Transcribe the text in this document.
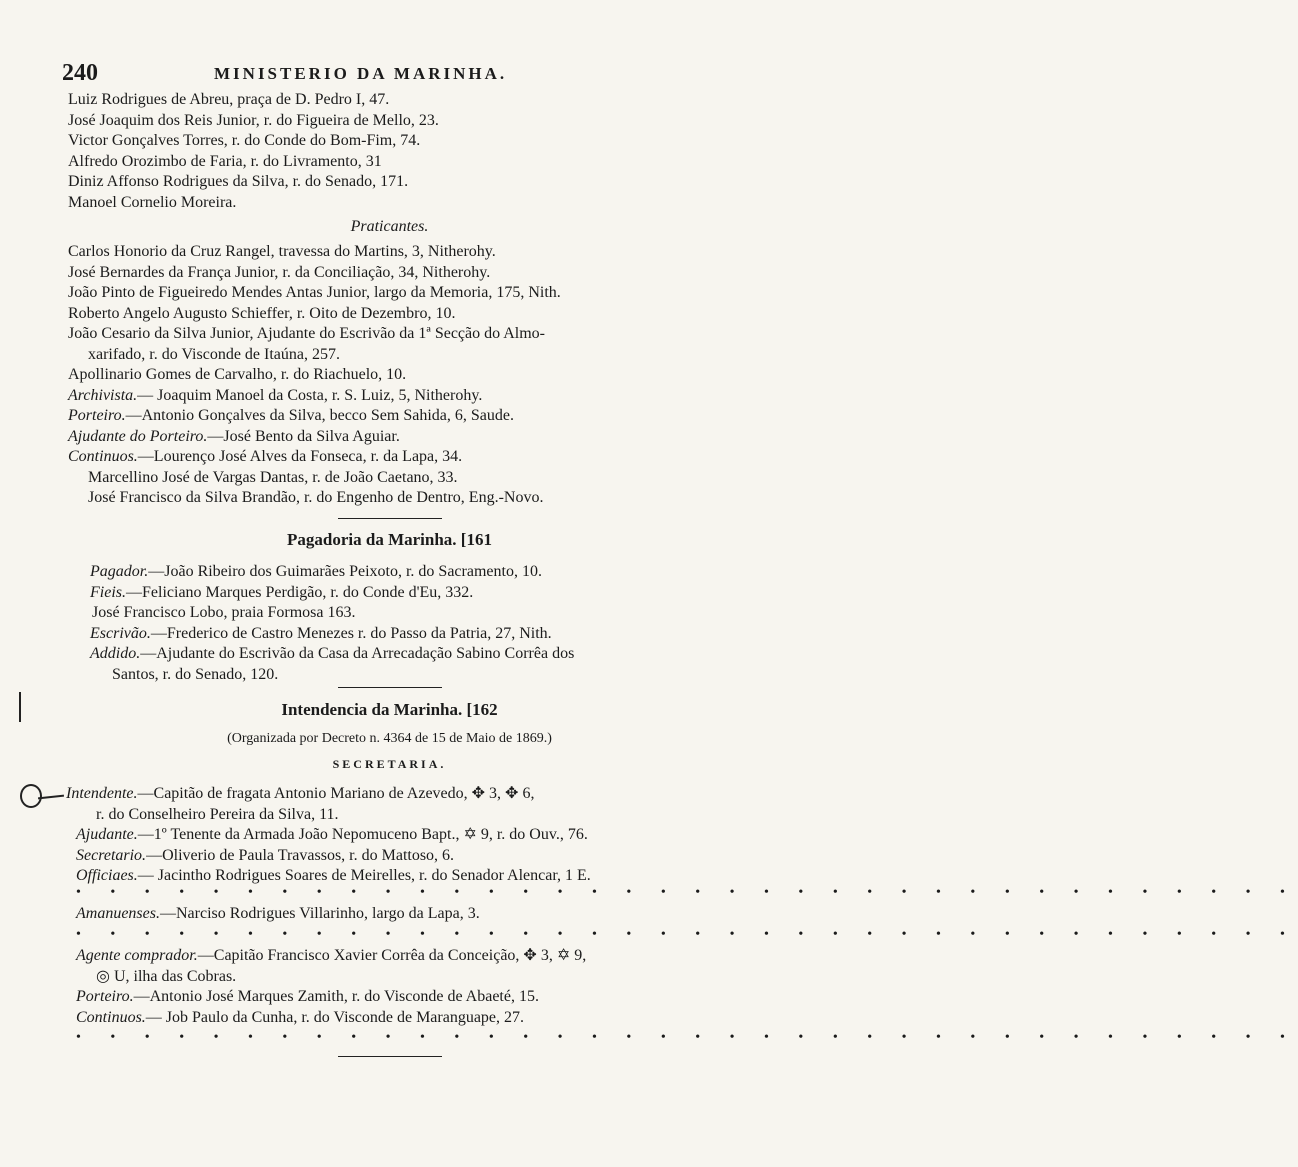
240	MINISTERIO DA MARINHA.
Luiz Rodrigues de Abreu, praça de D. Pedro I, 47.
José Joaquim dos Reis Junior, r. do Figueira de Mello, 23.
Victor Gonçalves Torres, r. do Conde do Bom-Fim, 74.
Alfredo Orozimbo de Faria, r. do Livramento, 31
Diniz Affonso Rodrigues da Silva, r. do Senado, 171.
Manoel Cornelio Moreira.
Praticantes.
Carlos Honorio da Cruz Rangel, travessa do Martins, 3, Nitherohy.
José Bernardes da França Junior, r. da Conciliação, 34, Nitherohy.
João Pinto de Figueiredo Mendes Antas Junior, largo da Memoria, 175, Nith.
Roberto Angelo Augusto Schieffer, r. Oito de Dezembro, 10.
João Cesario da Silva Junior, Ajudante do Escrivão da 1ª Secção do Almo-
xarifado, r. do Visconde de Itaúna, 257.
Apollinario Gomes de Carvalho, r. do Riachuelo, 10.
Archivista.— Joaquim Manoel da Costa, r. S. Luiz, 5, Nitherohy.
Porteiro.—Antonio Gonçalves da Silva, becco Sem Sahida, 6, Saude.
Ajudante do Porteiro.—José Bento da Silva Aguiar.
Continuos.—Lourenço José Alves da Fonseca, r. da Lapa, 34.
Marcellino José de Vargas Dantas, r. de João Caetano, 33.
José Francisco da Silva Brandão, r. do Engenho de Dentro, Eng.-Novo.
Pagadoria da Marinha. [161
Pagador.—João Ribeiro dos Guimarães Peixoto, r. do Sacramento, 10.
Fieis.—Feliciano Marques Perdigão, r. do Conde d'Eu, 332.
José Francisco Lobo, praia Formosa 163.
Escrivão.—Frederico de Castro Menezes r. do Passo da Patria, 27, Nith.
Addido.—Ajudante do Escrivão da Casa da Arrecadação Sabino Corrêa dos
Santos, r. do Senado, 120.
Intendencia da Marinha. [162
(Organizada por Decreto n. 4364 de 15 de Maio de 1869.)
SECRETARIA.
Intendente.—Capitão de fragata Antonio Mariano de Azevedo, ✥ 3, ✥ 6,
r. do Conselheiro Pereira da Silva, 11.
Ajudante.—1º Tenente da Armada João Nepomuceno Bapt., ✡ 9, r. do Ouv., 76.
Secretario.—Oliverio de Paula Travassos, r. do Mattoso, 6.
Officiaes.— Jacintho Rodrigues Soares de Meirelles, r. do Senador Alencar, 1 E.
• • • • • • • • • • • • • • • • • • • • • • • • • • • • • • • • • • • •
Amanuenses.—Narciso Rodrigues Villarinho, largo da Lapa, 3.
• • • • • • • • • • • • • • • • • • • • • • • • • • • • • • • • • • • •
Agente comprador.—Capitão Francisco Xavier Corrêa da Conceição, ✥ 3, ✡ 9,
◎ U, ilha das Cobras.
Porteiro.—Antonio José Marques Zamith, r. do Visconde de Abaeté, 15.
Continuos.— Job Paulo da Cunha, r. do Visconde de Maranguape, 27.
• • • • • • • • • • • • • • • • • • • • • • • • • • • • • • • • • • • •
